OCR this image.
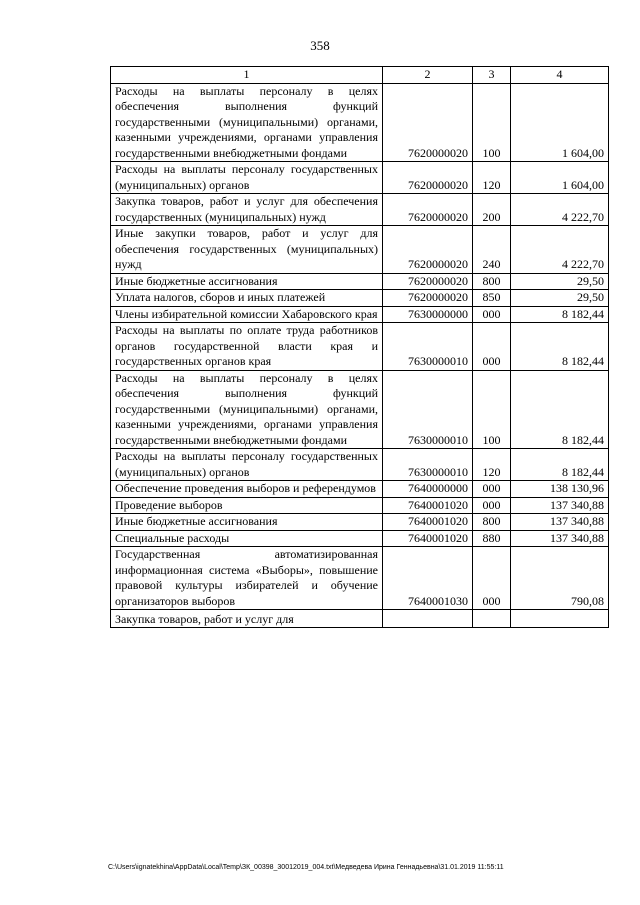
358
1	2	3	4
Расходы на выплаты персоналу в целях обеспечения выполнения функций государственными (муниципальными) органами, казенными учреждениями, органами управления государственными внебюджетными фондами	7620000020	100	1 604,00
Расходы на выплаты персоналу государственных (муниципальных) органов	7620000020	120	1 604,00
Закупка товаров, работ и услуг для обеспечения государственных (муниципальных) нужд	7620000020	200	4 222,70
Иные закупки товаров, работ и услуг для обеспечения государственных (муниципальных) нужд	7620000020	240	4 222,70
Иные бюджетные ассигнования	7620000020	800	29,50
Уплата налогов, сборов и иных платежей	7620000020	850	29,50
Члены избирательной комиссии Хабаровского края	7630000000	000	8 182,44
Расходы на выплаты по оплате труда работников органов государственной власти края и государственных органов края	7630000010	000	8 182,44
Расходы на выплаты персоналу в целях обеспечения выполнения функций государственными (муниципальными) органами, казенными учреждениями, органами управления государственными внебюджетными фондами	7630000010	100	8 182,44
Расходы на выплаты персоналу государственных (муниципальных) органов	7630000010	120	8 182,44
Обеспечение проведения выборов и референдумов	7640000000	000	138 130,96
Проведение выборов	7640001020	000	137 340,88
Иные бюджетные ассигнования	7640001020	800	137 340,88
Специальные расходы	7640001020	880	137 340,88
Государственная автоматизированная информационная система «Выборы», повышение правовой культуры избирателей и обучение организаторов выборов	7640001030	000	790,08
Закупка товаров, работ и услуг для			
C:\Users\ignatekhina\AppData\Local\Temp\ЗК_00398_30012019_004.txt\Медведева Ирина Геннадьевна\31.01.2019 11:55:11
